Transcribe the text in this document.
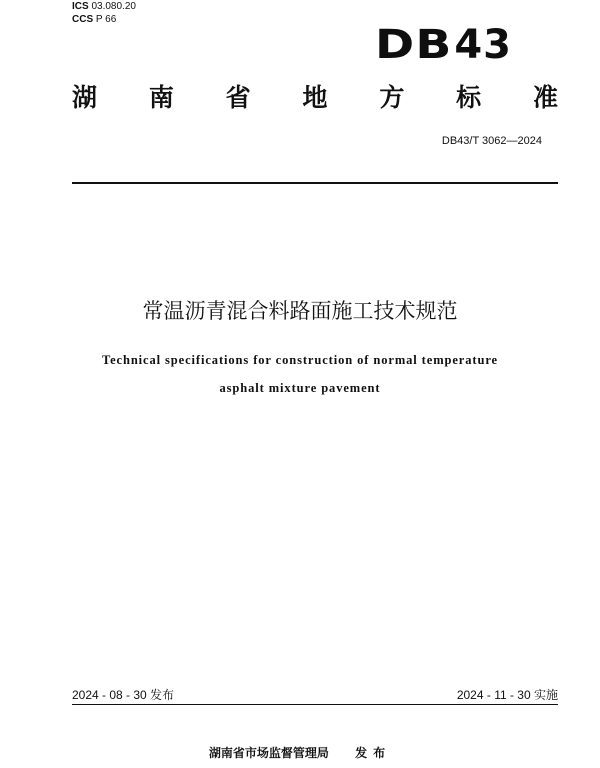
ICS 03.080.20
CCS P 66
DB43
湖 南 省 地 方 标 准
DB43/T 3062—2024
常温沥青混合料路面施工技术规范
Technical specifications for construction of normal temperature
asphalt mixture pavement
2024 - 08 - 30 发布	2024 - 11 - 30 实施
湖南省市场监督管理局 发布
